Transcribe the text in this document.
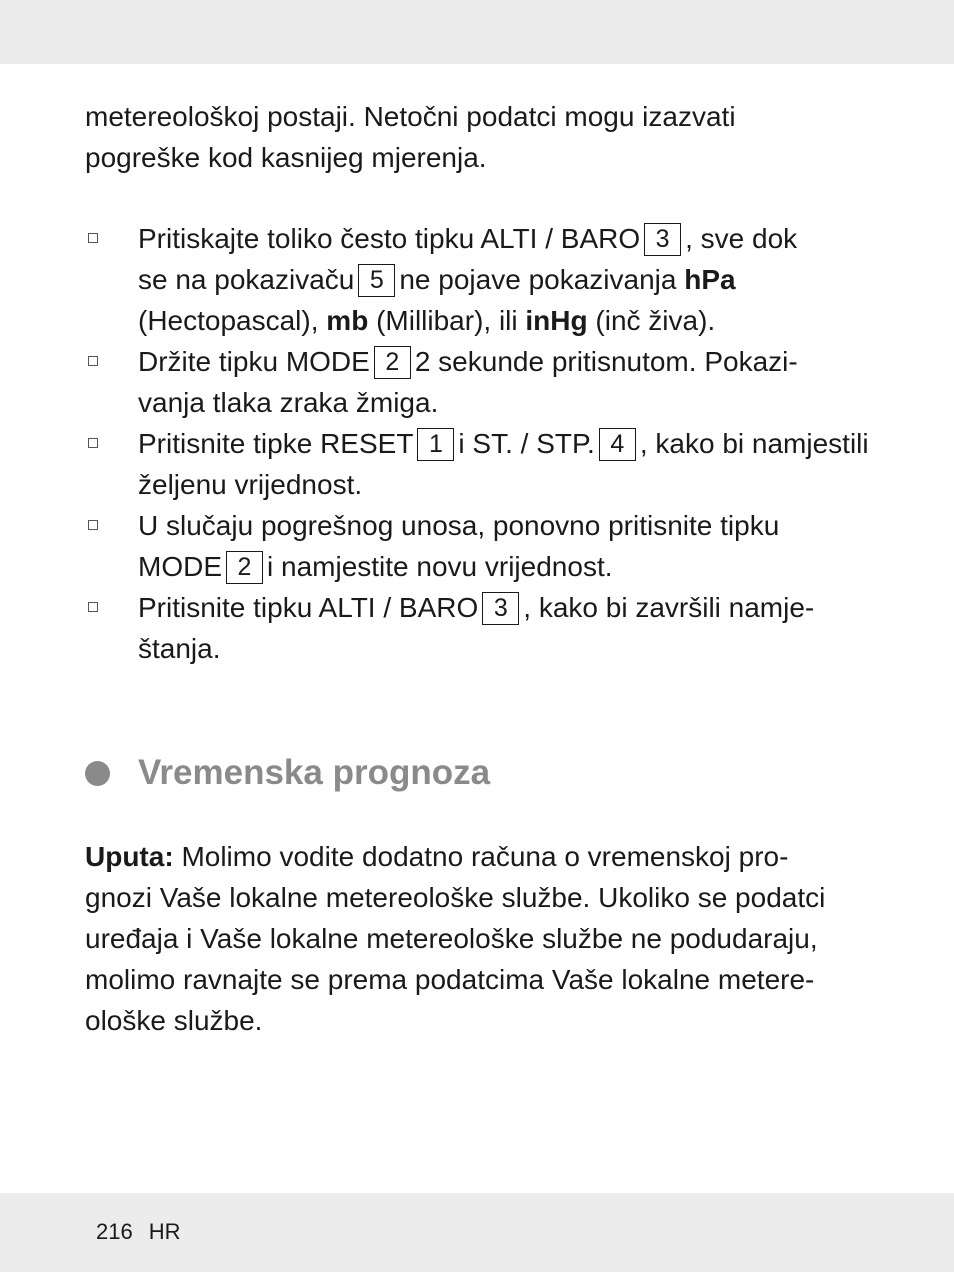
metereološkoj postaji. Netočni podatci mogu izazvati
pogreške kod kasnijeg mjerenja.
Pritiskajte toliko često tipku ALTI / BARO 3 , sve dok
se na pokazivaču 5 ne pojave pokazivanja hPa
(Hectopascal), mb (Millibar), ili inHg (inč živa).
Držite tipku MODE 2 2 sekunde pritisnutom. Pokazi-
vanja tlaka zraka žmiga.
Pritisnite tipke RESET 1 i ST. / STP. 4 , kako bi namjestili
željenu vrijednost.
U slučaju pogrešnog unosa, ponovno pritisnite tipku
MODE 2 i namjestite novu vrijednost.
Pritisnite tipku ALTI / BARO 3 , kako bi završili namje-
štanja.
Vremenska prognoza
Uputa: Molimo vodite dodatno računa o vremenskoj pro-
gnozi Vaše lokalne metereološke službe. Ukoliko se podatci
uređaja i Vaše lokalne metereološke službe ne podudaraju,
molimo ravnajte se prema podatcima Vaše lokalne metere-
ološke službe.
216 HR
